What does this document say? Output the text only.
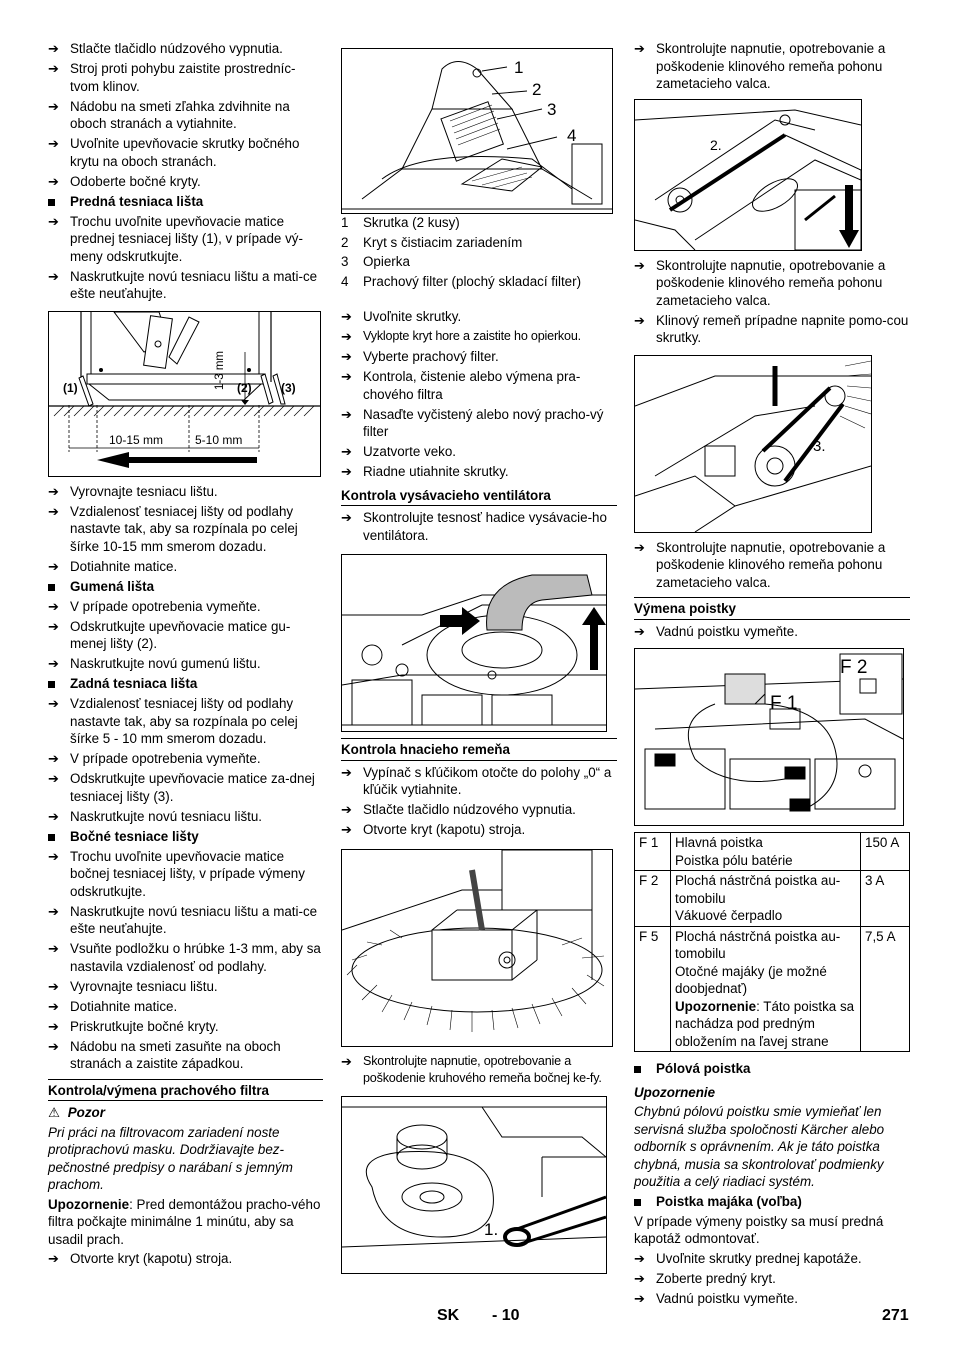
➔ Stlačte tlačidlo núdzového vypnutia.
➔ Stroj proti pohybu zaistite prostredníc-tvom klinov.
➔ Nádobu na smeti zľahka zdvihnite na oboch stranách a vytiahnite.
➔ Uvoľnite upevňovacie skrutky bočného krytu na oboch stranách.
➔ Odoberte bočné kryty.
Predná tesniaca lišta
➔ Trochu uvoľnite upevňovacie matice prednej tesniacej lišty (1), v prípade vý-meny odskrutkujte.
➔ Naskrutkujte novú tesniacu lištu a mati-ce ešte neuťahujte.
1-3 mm
(1)	(2) (3)
10-15 mm	5-10 mm
➔ Vyrovnajte tesniacu lištu.
➔ Vzdialenosť tesniacej lišty od podlahy nastavte tak, aby sa rozpínala po celej šírke 10-15 mm smerom dozadu.
➔ Dotiahnite matice.
Gumená lišta
➔ V prípade opotrebenia vymeňte.
➔ Odskrutkujte upevňovacie matice gu-menej lišty (2).
➔ Naskrutkujte novú gumenú lištu.
Zadná tesniaca lišta
➔ Vzdialenosť tesniacej lišty od podlahy nastavte tak, aby sa rozpínala po celej šírke 5 - 10 mm smerom dozadu.
➔ V prípade opotrebenia vymeňte.
➔ Odskrutkujte upevňovacie matice za-dnej tesniacej lišty (3).
➔ Naskrutkujte novú tesniacu lištu.
Bočné tesniace lišty
➔ Trochu uvoľnite upevňovacie matice bočnej tesniacej lišty, v prípade výmeny odskrutkujte.
➔ Naskrutkujte novú tesniacu lištu a mati-ce ešte neuťahujte.
➔ Vsuňte podložku o hrúbke 1-3 mm, aby sa nastavila vzdialenosť od podlahy.
➔ Vyrovnajte tesniacu lištu.
➔ Dotiahnite matice.
➔ Priskrutkujte bočné kryty.
➔ Nádobu na smeti zasuňte na oboch stranách a zaistite západkou.
Kontrola/výmena prachového filtra
⚠ Pozor
Pri práci na filtrovacom zariadení noste protiprachovú masku. Dodržiavajte bez-pečnostné predpisy o narábaní s jemným prachom.
Upozornenie: Pred demontážou pracho-vého filtra počkajte minimálne 1 minútu, aby sa usadil prach.
➔ Otvorte kryt (kapotu) stroja.
1
2
3
4
1 Skrutka (2 kusy)
2 Kryt s čistiacim zariadením
3 Opierka
4 Prachový filter (plochý skladací filter)
➔ Uvoľnite skrutky.
➔ Vyklopte kryt hore a zaistite ho opierkou.
➔ Vyberte prachový filter.
➔ Kontrola, čistenie alebo výmena pra-chového filtra
➔ Nasaďte vyčistený alebo nový pracho-vý filter
➔ Uzatvorte veko.
➔ Riadne utiahnite skrutky.
Kontrola vysávacieho ventilátora
➔ Skontrolujte tesnosť hadice vysávacie-ho ventilátora.
Kontrola hnacieho remeňa
➔ Vypínač s kľúčikom otočte do polohy „0“ a kľúčik vytiahnite.
➔ Stlačte tlačidlo núdzového vypnutia.
➔ Otvorte kryt (kapotu) stroja.
➔ Skontrolujte napnutie, opotrebovanie a poškodenie kruhového remeňa bočnej ke-fy.
1.
➔ Skontrolujte napnutie, opotrebovanie a poškodenie klinového remeňa pohonu zametacieho valca.
2.
➔ Skontrolujte napnutie, opotrebovanie a poškodenie klinového remeňa pohonu zametacieho valca.
➔ Klinový remeň prípadne napnite pomo-cou skrutky.
3.
➔ Skontrolujte napnutie, opotrebovanie a poškodenie klinového remeňa pohonu zametacieho valca.
Výmena poistky
➔ Vadnú poistku vymeňte.
F 2
F 1
F 1	Hlavná poistka
Poistka pólu batérie	150 A
F 2	Plochá nástrčná poistka au-tomobilu
Vákuové čerpadlo	3 A
F 5	Plochá nástrčná poistka au-tomobilu
Otočné majáky (je možné doobjednať)
Upozornenie: Táto poistka sa nachádza pod predným obložením na ľavej strane	7,5 A
Pólová poistka
Upozornenie
Chybnú pólovú poistku smie vymieňať len servisná služba spoločnosti Kärcher alebo odborník s oprávnením. Ak je táto poistka chybná, musia sa skontrolovať podmienky použitia a celý riadiaci systém.
Poistka majáka (voľba)
V prípade výmeny poistky sa musí predná kapotáž odmontovať.
➔ Uvoľnite skrutky prednej kapotáže.
➔ Zoberte predný kryt.
➔ Vadnú poistku vymeňte.
SK - 10	271
